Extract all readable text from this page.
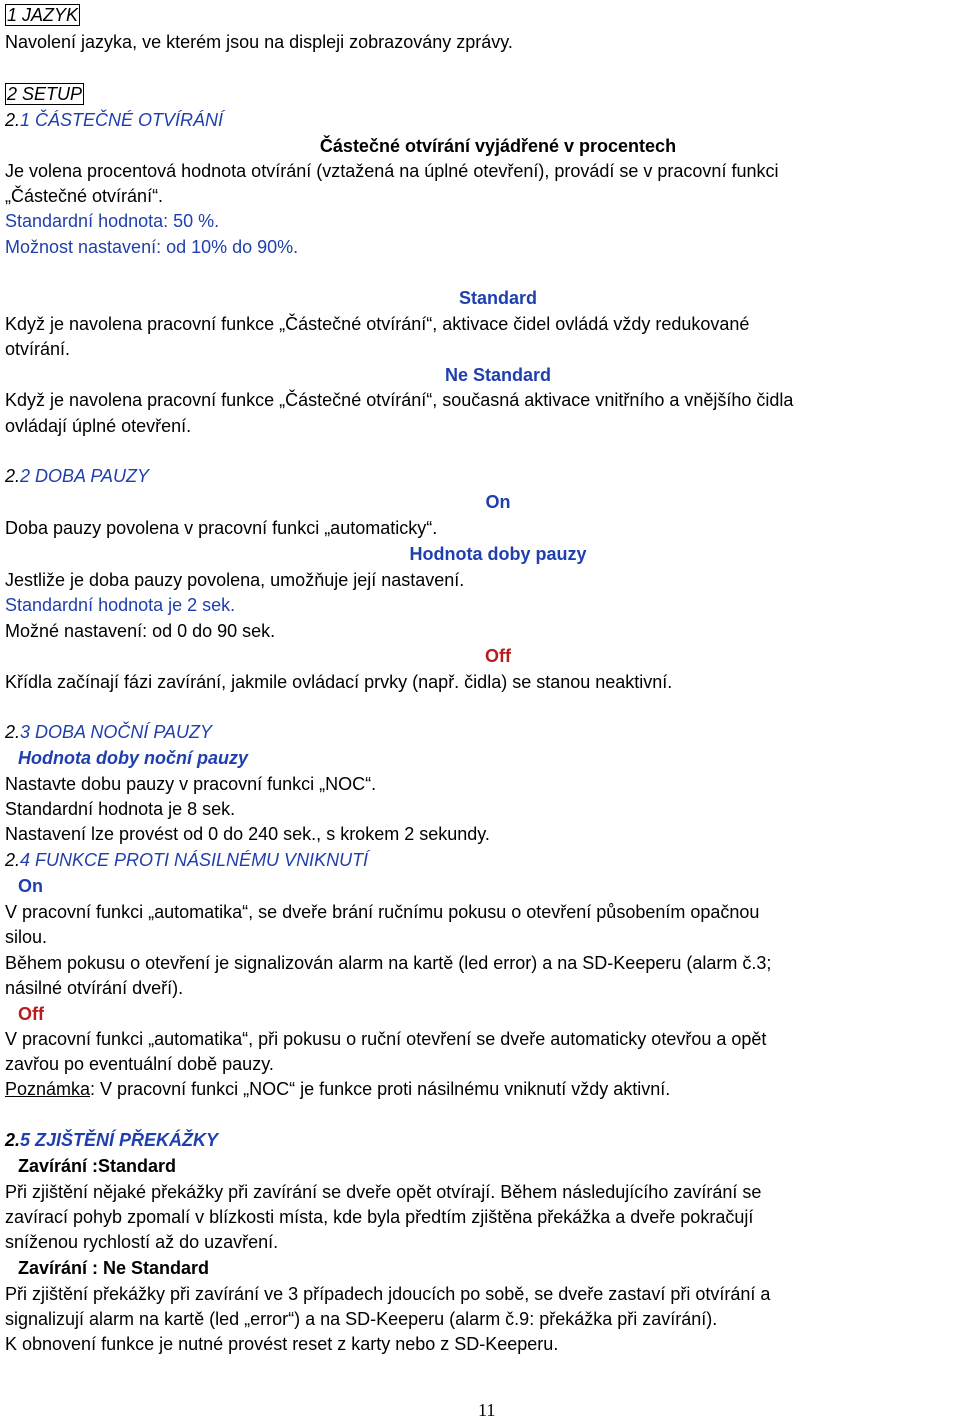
1 JAZYK
Navolení jazyka, ve kterém jsou na displeji zobrazovány zprávy.
2 SETUP
2.1 ČÁSTEČNÉ OTVÍRÁNÍ
Částečné otvírání vyjádřené v procentech
Je volena procentová hodnota otvírání (vztažená na úplné otevření), provádí se v pracovní funkci
„Částečné otvírání“.
Standardní hodnota: 50 %.
Možnost nastavení: od 10% do 90%.
Standard
Když je navolena pracovní funkce „Částečné otvírání“, aktivace čidel ovládá vždy redukované
otvírání.
Ne Standard
Když je navolena pracovní funkce „Částečné otvírání“, současná aktivace vnitřního a vnějšího čidla
ovládají úplné otevření.
2.2 DOBA PAUZY
On
Doba pauzy povolena v pracovní funkci „automaticky“.
Hodnota doby pauzy
Jestliže je doba pauzy povolena, umožňuje její nastavení.
Standardní hodnota je 2 sek.
Možné nastavení: od 0 do 90 sek.
Off
Křídla začínají fázi zavírání, jakmile ovládací prvky (např. čidla) se stanou neaktivní.
2.3 DOBA NOČNÍ PAUZY
Hodnota doby noční pauzy
Nastavte dobu pauzy v pracovní funkci „NOC“.
Standardní hodnota je 8 sek.
Nastavení lze provést od 0 do 240 sek., s krokem 2 sekundy.
2.4 FUNKCE PROTI NÁSILNÉMU VNIKNUTÍ
On
V pracovní funkci „automatika“, se dveře brání ručnímu pokusu o otevření působením opačnou
silou.
Během pokusu o otevření je signalizován alarm na kartě (led error) a na SD-Keeperu (alarm č.3;
násilné otvírání dveří).
Off
V pracovní funkci „automatika“, při pokusu o ruční otevření se dveře automaticky otevřou a opět
zavřou po eventuální době pauzy.
Poznámka: V pracovní funkci „NOC“ je funkce proti násilnému vniknutí vždy aktivní.
2.5 ZJIŠTĚNÍ PŘEKÁŽKY
Zavírání :Standard
Při zjištění nějaké překážky při zavírání se dveře opět otvírají. Během následujícího zavírání se
zavírací pohyb zpomalí v blízkosti místa, kde byla předtím zjištěna překážka a dveře pokračují
sníženou rychlostí až do uzavření.
Zavírání : Ne Standard
Při zjištění překážky při zavírání ve 3 případech jdoucích po sobě, se dveře zastaví při otvírání a
signalizují alarm na kartě (led „error“) a na SD-Keeperu (alarm č.9: překážka při zavírání).
K obnovení funkce je nutné provést reset z karty nebo z SD-Keeperu.
11
